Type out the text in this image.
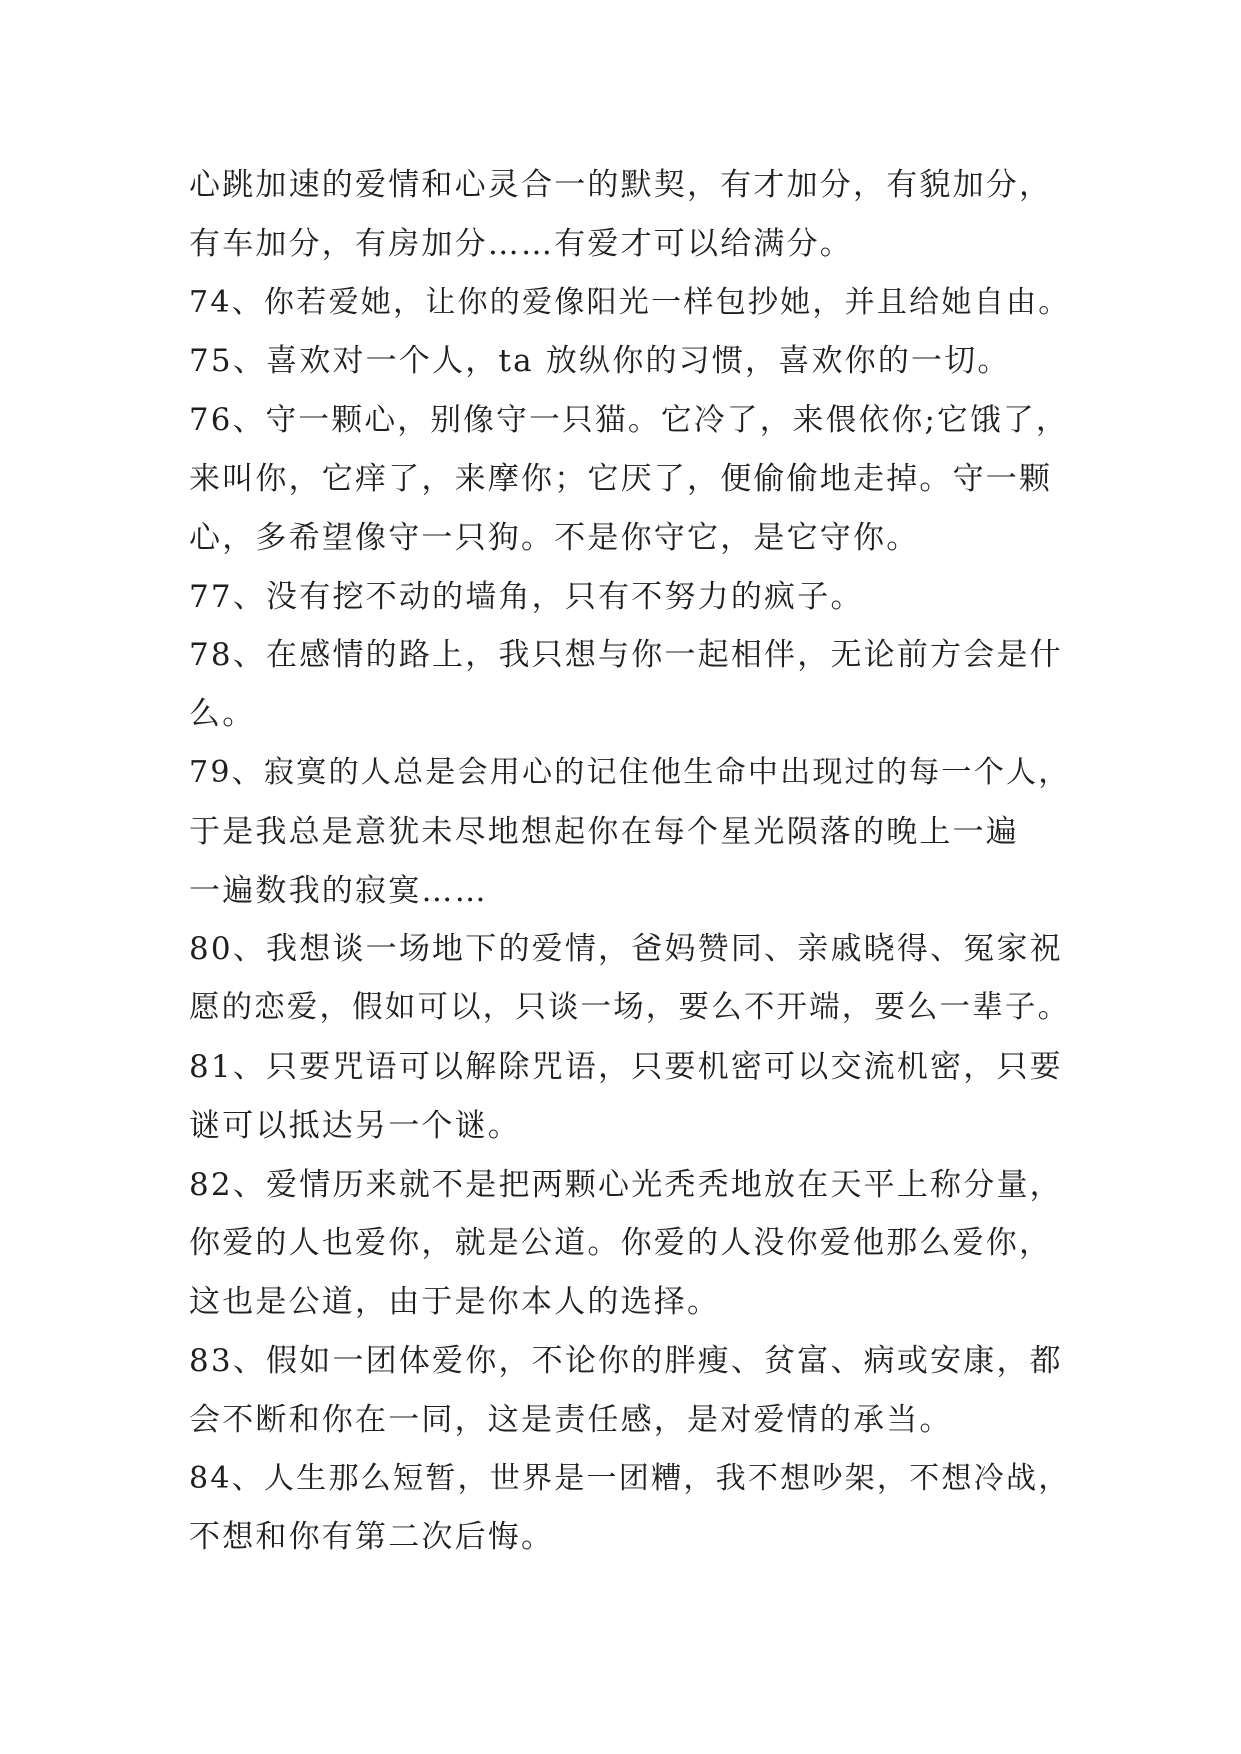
心跳加速的爱情和心灵合一的默契，有才加分，有貌加分，
有车加分，有房加分……有爱才可以给满分。
74、你若爱她，让你的爱像阳光一样包抄她，并且给她自由。
75、喜欢对一个人，ta 放纵你的习惯，喜欢你的一切。
76、守一颗心，别像守一只猫。它冷了，来偎依你;它饿了，
来叫你，它痒了，来摩你；它厌了，便偷偷地走掉。守一颗
心，多希望像守一只狗。不是你守它，是它守你。
77、没有挖不动的墙角，只有不努力的疯子。
78、在感情的路上，我只想与你一起相伴，无论前方会是什
么。
79、寂寞的人总是会用心的记住他生命中出现过的每一个人，
于是我总是意犹未尽地想起你在每个星光陨落的晚上一遍
一遍数我的寂寞……
80、我想谈一场地下的爱情，爸妈赞同、亲戚晓得、冤家祝
愿的恋爱，假如可以，只谈一场，要么不开端，要么一辈子。
81、只要咒语可以解除咒语，只要机密可以交流机密，只要
谜可以抵达另一个谜。
82、爱情历来就不是把两颗心光秃秃地放在天平上称分量，
你爱的人也爱你，就是公道。你爱的人没你爱他那么爱你，
这也是公道，由于是你本人的选择。
83、假如一团体爱你，不论你的胖瘦、贫富、病或安康，都
会不断和你在一同，这是责任感，是对爱情的承当。
84、人生那么短暂，世界是一团糟，我不想吵架，不想冷战，
不想和你有第二次后悔。
